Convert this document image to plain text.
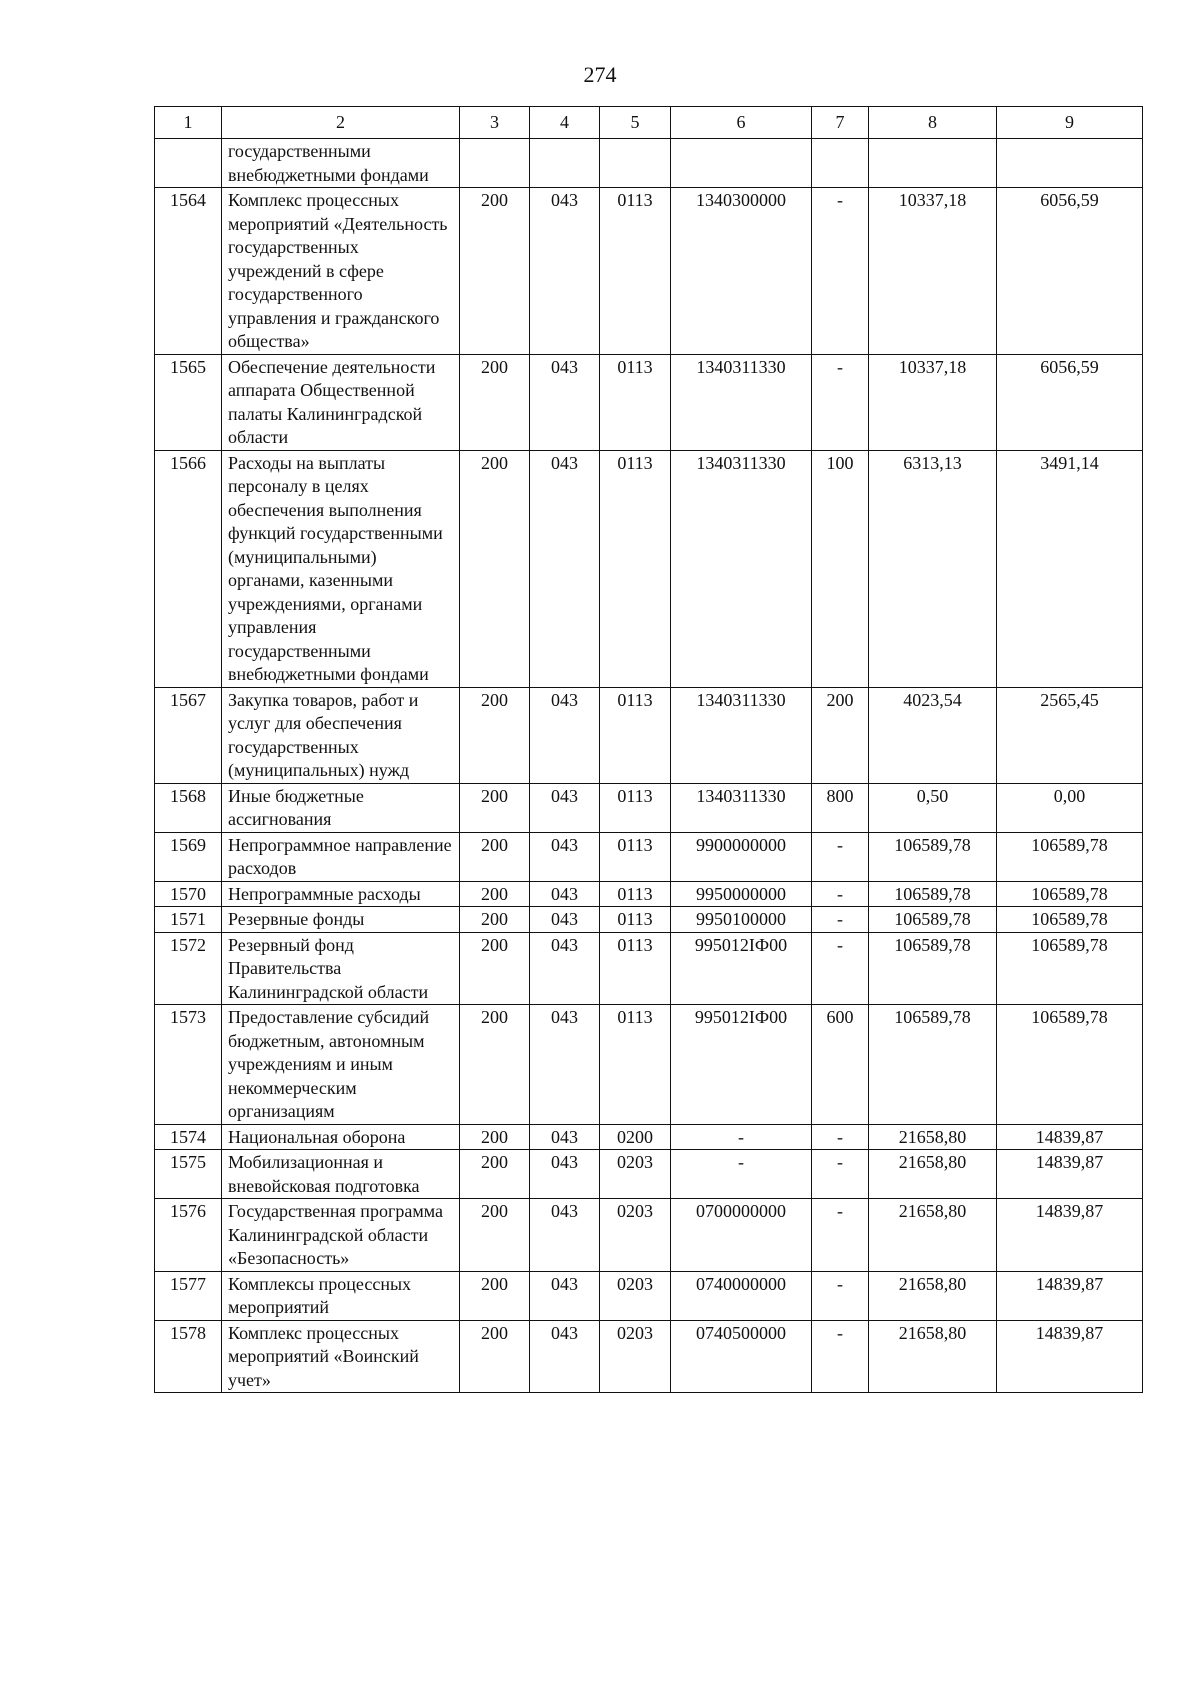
274
1	2	3	4	5	6	7	8	9
	государственными внебюджетными фондами							
1564	Комплекс процессных мероприятий «Деятельность государственных учреждений в сфере государственного управления и гражданского общества»	200	043	0113	1340300000	-	10337,18	6056,59
1565	Обеспечение деятельности аппарата Общественной палаты Калининградской области	200	043	0113	1340311330	-	10337,18	6056,59
1566	Расходы на выплаты персоналу в целях обеспечения выполнения функций государственными (муниципальными) органами, казенными учреждениями, органами управления государственными внебюджетными фондами	200	043	0113	1340311330	100	6313,13	3491,14
1567	Закупка товаров, работ и услуг для обеспечения государственных (муниципальных) нужд	200	043	0113	1340311330	200	4023,54	2565,45
1568	Иные бюджетные ассигнования	200	043	0113	1340311330	800	0,50	0,00
1569	Непрограммное направление расходов	200	043	0113	9900000000	-	106589,78	106589,78
1570	Непрограммные расходы	200	043	0113	9950000000	-	106589,78	106589,78
1571	Резервные фонды	200	043	0113	9950100000	-	106589,78	106589,78
1572	Резервный фонд Правительства Калининградской области	200	043	0113	995012ІФ00	-	106589,78	106589,78
1573	Предоставление субсидий бюджетным, автономным учреждениям и иным некоммерческим организациям	200	043	0113	995012ІФ00	600	106589,78	106589,78
1574	Национальная оборона	200	043	0200	-	-	21658,80	14839,87
1575	Мобилизационная и вневойсковая подготовка	200	043	0203	-	-	21658,80	14839,87
1576	Государственная программа Калининградской области «Безопасность»	200	043	0203	0700000000	-	21658,80	14839,87
1577	Комплексы процессных мероприятий	200	043	0203	0740000000	-	21658,80	14839,87
1578	Комплекс процессных мероприятий «Воинский учет»	200	043	0203	0740500000	-	21658,80	14839,87
